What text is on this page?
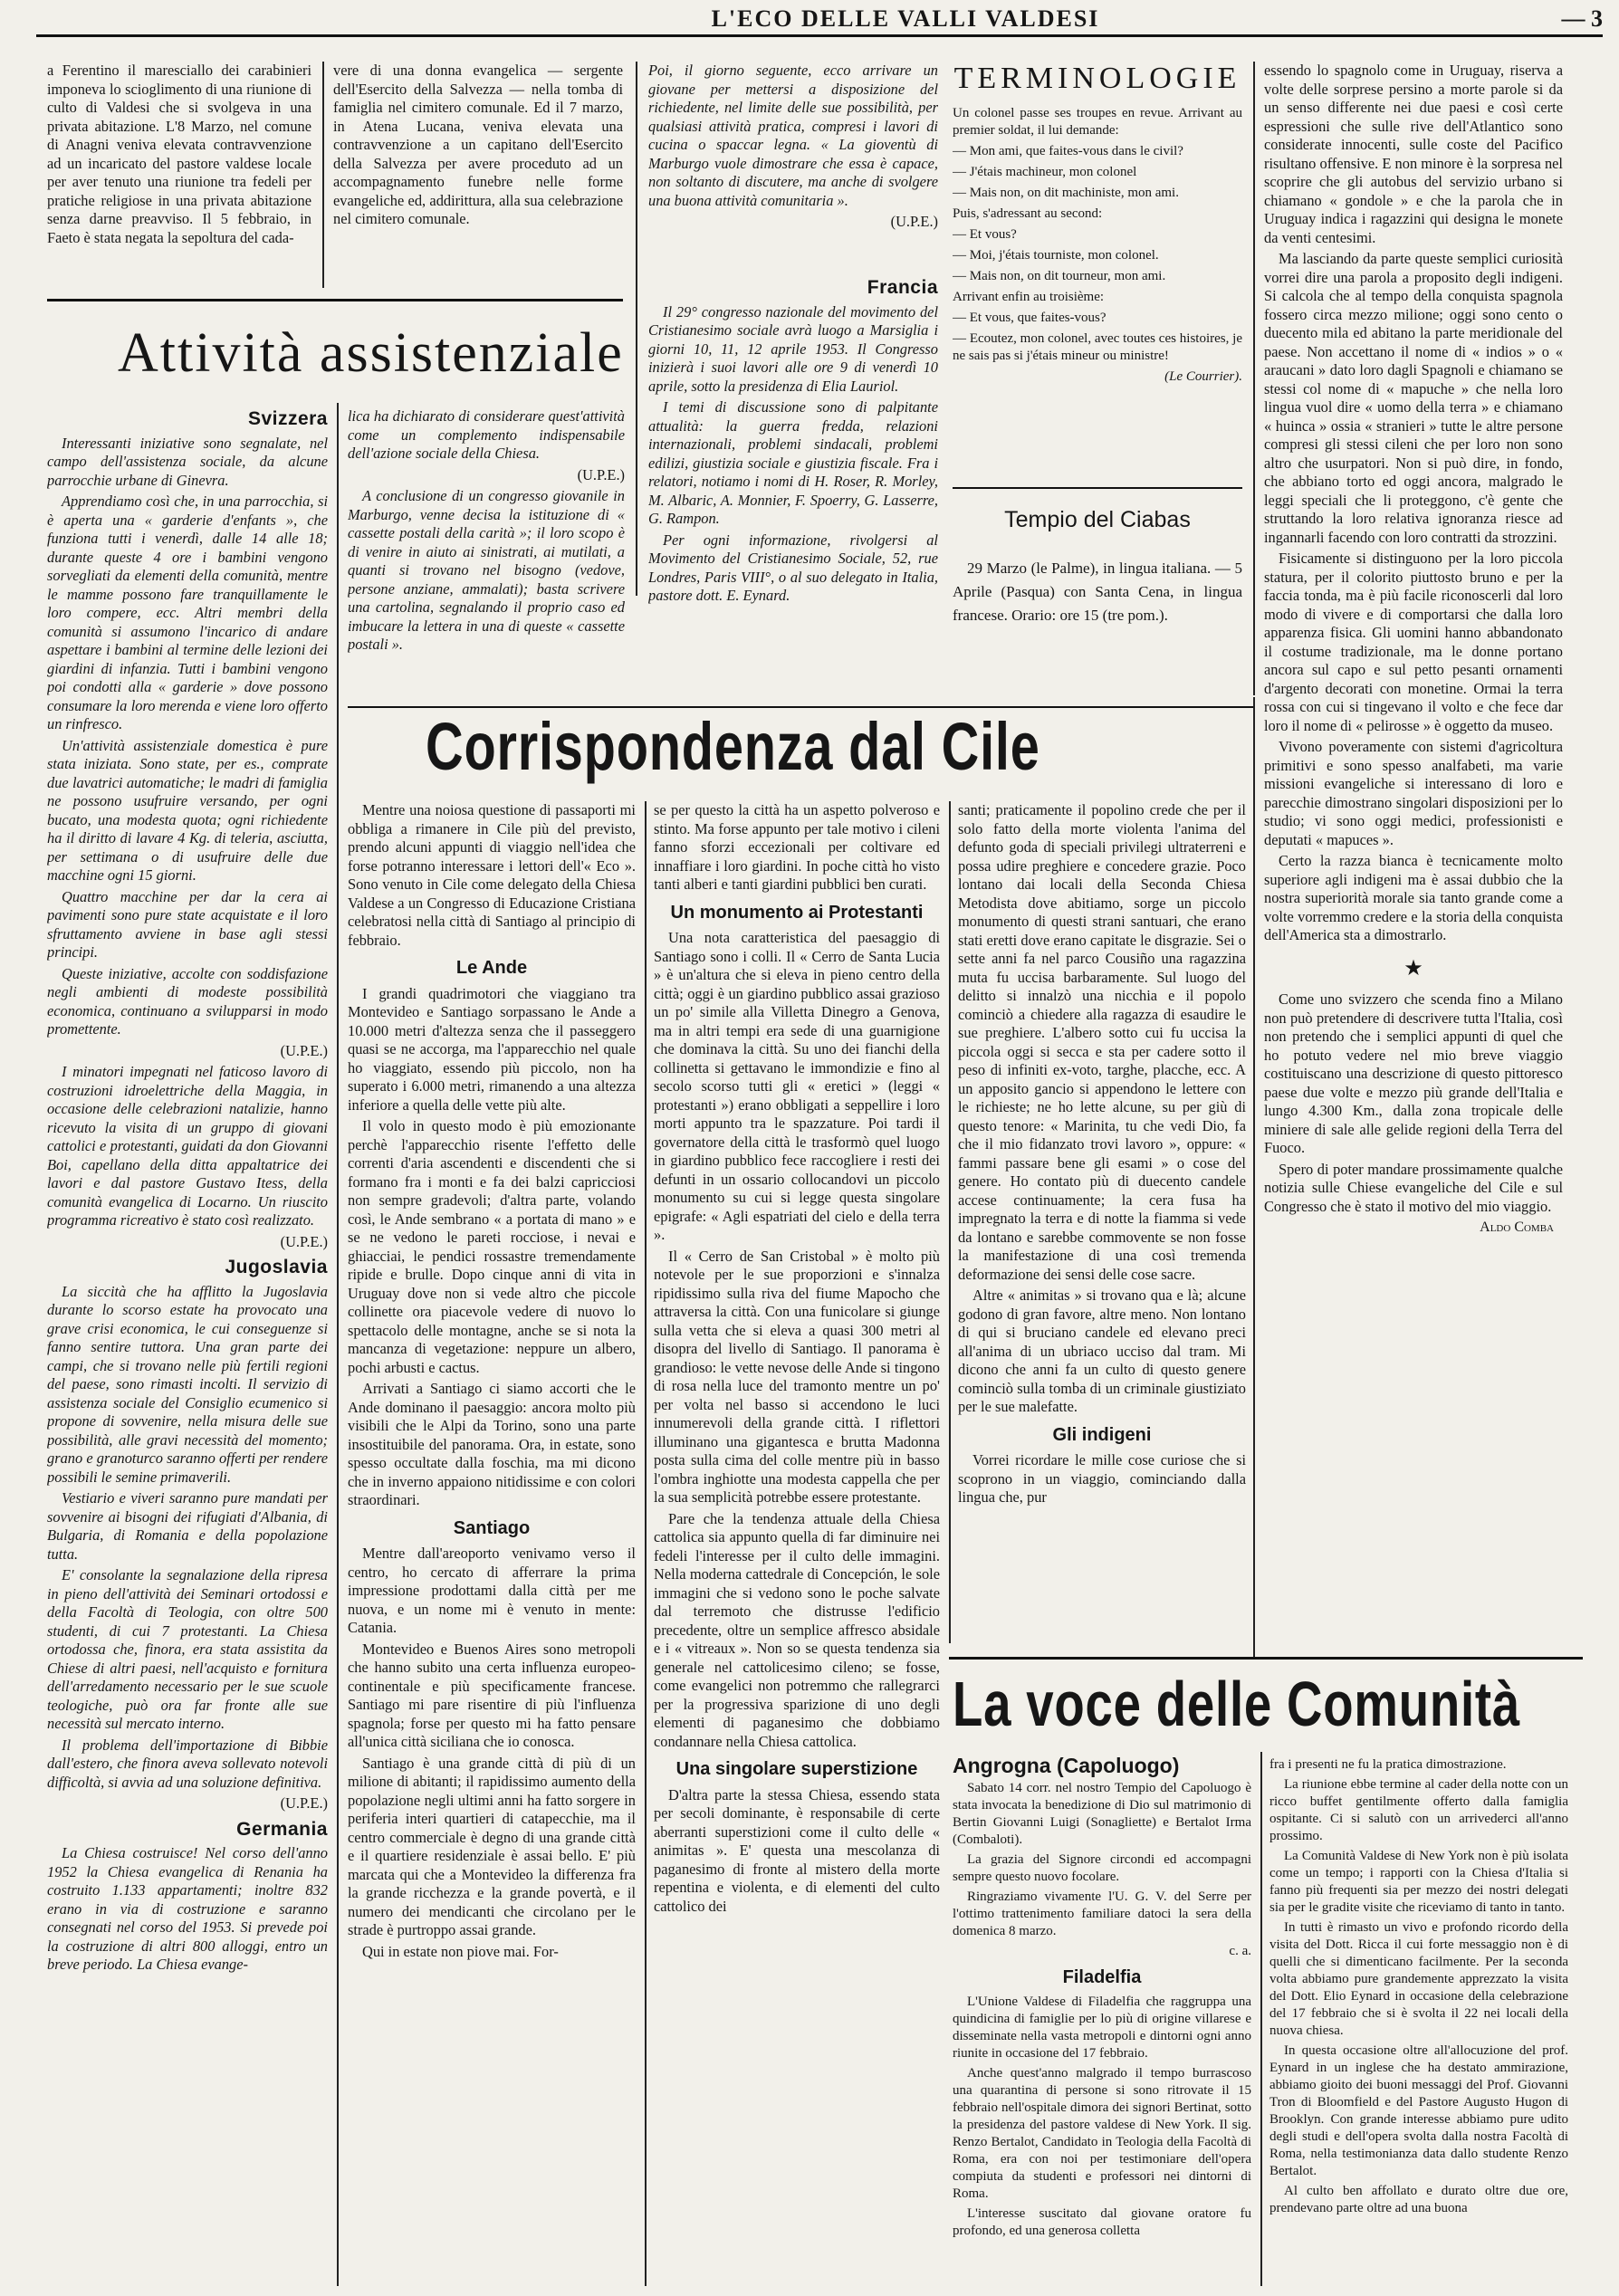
L'ECO DELLE VALLI VALDESI	— 3

a Ferentino il maresciallo dei carabinieri imponeva lo scioglimento di una riunione di culto di Valdesi che si svolgeva in una privata abitazione. L'8 Marzo, nel comune di Anagni veniva elevata contravvenzione ad un incaricato del pastore valdese locale per aver tenuto una riunione tra fedeli per pratiche religiose in una privata abitazione senza darne preavviso. Il 5 febbraio, in Faeto è stata negata la sepoltura del cada-

vere di una donna evangelica — sergente dell'Esercito della Salvezza — nella tomba di famiglia nel cimitero comunale. Ed il 7 marzo, in Atena Lucana, veniva elevata una contravvenzione a un capitano dell'Esercito della Salvezza per avere proceduto ad un accompagnamento funebre nelle forme evangeliche ed, addirittura, alla sua celebrazione nel cimitero comunale.

Poi, il giorno seguente, ecco arrivare un giovane per mettersi a disposizione del richiedente, nel limite delle sue possibilità, per qualsiasi attività pratica, compresi i lavori di cucina o spaccar legna. « La gioventù di Marburgo vuole dimostrare che essa è capace, non soltanto di discutere, ma anche di svolgere una buona attività comunitaria ».

(U.P.E.)

TERMINOLOGIE

Un colonel passe ses troupes en revue. Arrivant au premier soldat, il lui demande:

— Mon ami, que faites-vous dans le civil?

— J'étais machineur, mon colonel

— Mais non, on dit machiniste, mon ami.

Puis, s'adressant au second:

— Et vous?

— Moi, j'étais tourniste, mon colonel.

— Mais non, on dit tourneur, mon ami.

Arrivant enfin au troisième:

— Et vous, que faites-vous?

— Ecoutez, mon colonel, avec toutes ces histoires, je ne sais pas si j'étais mineur ou ministre!

(Le Courrier).

Tempio del Ciabas

29 Marzo (le Palme), in lingua italiana. — 5 Aprile (Pasqua) con Santa Cena, in lingua francese. Orario: ore 15 (tre pom.).

essendo lo spagnolo come in Uruguay, riserva a volte delle sorprese persino a morte parole si da un senso differente nei due paesi e così certe espressioni che sulle rive dell'Atlantico sono considerate innocenti, sulle coste del Pacifico risultano offensive. E non minore è la sorpresa nel scoprire che gli autobus del servizio urbano si chiamano « gondole » e che la parola che in Uruguay indica i ragazzini qui designa le monete da venti centesimi.

Ma lasciando da parte queste semplici curiosità vorrei dire una parola a proposito degli indigeni. Si calcola che al tempo della conquista spagnola fossero circa mezzo milione; oggi sono cento o duecento mila ed abitano la parte meridionale del paese. Non accettano il nome di « indios » o « araucani » dato loro dagli Spagnoli e chiamano se stessi col nome di « mapuche » che nella loro lingua vuol dire « uomo della terra » e chiamano « huinca » ossia « stranieri » tutte le altre persone compresi gli stessi cileni che per loro non sono altro che usurpatori. Non si può dire, in fondo, che abbiano torto ed oggi ancora, malgrado le leggi speciali che li proteggono, c'è gente che struttando la loro relativa ignoranza riesce ad ingannarli facendo con loro contratti da strozzini.

Fisicamente si distinguono per la loro piccola statura, per il colorito piuttosto bruno e per la faccia tonda, ma è più facile riconoscerli dal loro modo di vivere e di comportarsi che dalla loro apparenza fisica. Gli uomini hanno abbandonato il costume tradizionale, ma le donne portano ancora sul capo e sul petto pesanti ornamenti d'argento decorati con monetine. Ormai la terra rossa con cui si tingevano il volto e che fece dar loro il nome di « pelirosse » è oggetto da museo.

Vivono poveramente con sistemi d'agricoltura primitivi e sono spesso analfabeti, ma varie missioni evangeliche si interessano di loro e parecchie dimostrano singolari disposizioni per lo studio; vi sono oggi medici, professionisti e deputati « mapuces ».

Certo la razza bianca è tecnicamente molto superiore agli indigeni ma è assai dubbio che la nostra superiorità morale sia tanto grande come a volte vorremmo credere e la storia della conquista dell'America sta a dimostrarlo.

★

Come uno svizzero che scenda fino a Milano non può pretendere di descrivere tutta l'Italia, così non pretendo che i semplici appunti di quel che ho potuto vedere nel mio breve viaggio costituiscano una descrizione di questo pittoresco paese due volte e mezzo più grande dell'Italia e lungo 4.300 Km., dalla zona tropicale delle miniere di sale alle gelide regioni della Terra del Fuoco.

Spero di poter mandare prossimamente qualche notizia sulle Chiese evangeliche del Cile e sul Congresso che è stato il motivo del mio viaggio.

Aldo Comba
Francia

Il 29° congresso nazionale del movimento del Cristianesimo sociale avrà luogo a Marsiglia i giorni 10, 11, 12 aprile 1953. Il Congresso inizierà i suoi lavori alle ore 9 di venerdì 10 aprile, sotto la presidenza di Elia Lauriol.

I temi di discussione sono di palpitante attualità: la guerra fredda, relazioni internazionali, problemi sindacali, problemi edilizi, giustizia sociale e giustizia fiscale. Fra i relatori, notiamo i nomi di H. Roser, R. Morley, M. Albaric, A. Monnier, F. Spoerry, G. Lasserre, G. Rampon.

Per ogni informazione, rivolgersi al Movimento del Cristianesimo Sociale, 52, rue Londres, Paris VIII°, o al suo delegato in Italia, pastore dott. E. Eynard.

Attività assistenziale
Svizzera

Interessanti iniziative sono segnalate, nel campo dell'assistenza sociale, da alcune parrocchie urbane di Ginevra.

Apprendiamo così che, in una parrocchia, si è aperta una « garderie d'enfants », che funziona tutti i venerdì, dalle 14 alle 18; durante queste 4 ore i bambini vengono sorvegliati da elementi della comunità, mentre le mamme possono fare tranquillamente le loro compere, ecc. Altri membri della comunità si assumono l'incarico di andare aspettare i bambini al termine delle lezioni dei giardini di infanzia. Tutti i bambini vengono poi condotti alla « garderie » dove possono consumare la loro merenda e viene loro offerto un rinfresco.

Un'attività assistenziale domestica è pure stata iniziata. Sono state, per es., comprate due lavatrici automatiche; le madri di famiglia ne possono usufruire versando, per ogni bucato, una modesta quota; ogni richiedente ha il diritto di lavare 4 Kg. di teleria, asciutta, per settimana o di usufruire delle due macchine ogni 15 giorni.

Quattro macchine per dar la cera ai pavimenti sono pure state acquistate e il loro sfruttamento avviene in base agli stessi principi.

Queste iniziative, accolte con soddisfazione negli ambienti di modeste possibilità economica, continuano a svilupparsi in modo promettente.

(U.P.E.)

I minatori impegnati nel faticoso lavoro di costruzioni idroelettriche della Maggia, in occasione delle celebrazioni natalizie, hanno ricevuto la visita di un gruppo di giovani cattolici e protestanti, guidati da don Giovanni Boi, capellano della ditta appaltatrice dei lavori e dal pastore Gustavo Itess, della comunità evangelica di Locarno. Un riuscito programma ricreativo è stato così realizzato.

(U.P.E.)

Jugoslavia

La siccità che ha afflitto la Jugoslavia durante lo scorso estate ha provocato una grave crisi economica, le cui conseguenze si fanno sentire tuttora. Una gran parte dei campi, che si trovano nelle più fertili regioni del paese, sono rimasti incolti. Il servizio di assistenza sociale del Consiglio ecumenico si propone di sovvenire, nella misura delle sue possibilità, alle gravi necessità del momento; grano e granoturco saranno offerti per rendere possibili le semine primaverili.

Vestiario e viveri saranno pure mandati per sovvenire ai bisogni dei rifugiati d'Albania, di Bulgaria, di Romania e della popolazione tutta.

E' consolante la segnalazione della ripresa in pieno dell'attività dei Seminari ortodossi e della Facoltà di Teologia, con oltre 500 studenti, di cui 7 protestanti. La Chiesa ortodossa che, finora, era stata assistita da Chiese di altri paesi, nell'acquisto e fornitura dell'arredamento necessario per le sue scuole teologiche, può ora far fronte alle sue necessità sul mercato interno.

Il problema dell'importazione di Bibbie dall'estero, che finora aveva sollevato notevoli difficoltà, si avvia ad una soluzione definitiva.

(U.P.E.)

Germania

La Chiesa costruisce! Nel corso dell'anno 1952 la Chiesa evangelica di Renania ha costruito 1.133 appartamenti; inoltre 832 erano in via di costruzione e saranno consegnati nel corso del 1953. Si prevede poi la costruzione di altri 800 alloggi, entro un breve periodo. La Chiesa evange-

lica ha dichiarato di considerare quest'attività come un complemento indispensabile dell'azione sociale della Chiesa.

(U.P.E.)

A conclusione di un congresso giovanile in Marburgo, venne decisa la istituzione di « cassette postali della carità »; il loro scopo è di venire in aiuto ai sinistrati, ai mutilati, a quanti si trovano nel bisogno (vedove, persone anziane, ammalati); basta scrivere una cartolina, segnalando il proprio caso ed imbucare la lettera in una di queste « cassette postali ».

Corrispondenza dal Cile

Mentre una noiosa questione di passaporti mi obbliga a rimanere in Cile più del previsto, prendo alcuni appunti di viaggio nell'idea che forse potranno interessare i lettori dell'« Eco ». Sono venuto in Cile come delegato della Chiesa Valdese a un Congresso di Educazione Cristiana celebratosi nella città di Santiago al principio di febbraio.

Le Ande

I grandi quadrimotori che viaggiano tra Montevideo e Santiago sorpassano le Ande a 10.000 metri d'altezza senza che il passeggero quasi se ne accorga, ma l'apparecchio nel quale ho viaggiato, essendo più piccolo, non ha superato i 6.000 metri, rimanendo a una altezza inferiore a quella delle vette più alte.

Il volo in questo modo è più emozionante perchè l'apparecchio risente l'effetto delle correnti d'aria ascendenti e discendenti che si formano fra i monti e fa dei balzi capricciosi non sempre gradevoli; d'altra parte, volando così, le Ande sembrano « a portata di mano » e se ne vedono le pareti rocciose, i nevai e ghiacciai, le pendici rossastre tremendamente ripide e brulle. Dopo cinque anni di vita in Uruguay dove non si vede altro che piccole collinette ora piacevole vedere di nuovo lo spettacolo delle montagne, anche se si nota la mancanza di vegetazione: neppure un albero, pochi arbusti e cactus.

Arrivati a Santiago ci siamo accorti che le Ande dominano il paesaggio: ancora molto più visibili che le Alpi da Torino, sono una parte insostituibile del panorama. Ora, in estate, sono spesso occultate dalla foschia, ma mi dicono che in inverno appaiono nitidissime e con colori straordinari.

Santiago

Mentre dall'areoporto venivamo verso il centro, ho cercato di afferrare la prima impressione prodottami dalla città per me nuova, e un nome mi è venuto in mente: Catania.

Montevideo e Buenos Aires sono metropoli che hanno subito una certa influenza europeo-continentale e più specificamente francese. Santiago mi pare risentire di più l'influenza spagnola; forse per questo mi ha fatto pensare all'unica città siciliana che io conosca.

Santiago è una grande città di più di un milione di abitanti; il rapidissimo aumento della popolazione negli ultimi anni ha fatto sorgere in periferia interi quartieri di catapecchie, ma il centro commerciale è degno di una grande città e il quartiere residenziale è assai bello. E' più marcata qui che a Montevideo la differenza fra la grande ricchezza e la grande povertà, e il numero dei mendicanti che circolano per le strade è purtroppo assai grande.

Qui in estate non piove mai. For-

se per questo la città ha un aspetto polveroso e stinto. Ma forse appunto per tale motivo i cileni fanno sforzi eccezionali per coltivare ed innaffiare i loro giardini. In poche città ho visto tanti alberi e tanti giardini pubblici ben curati.

Un monumento ai Protestanti

Una nota caratteristica del paesaggio di Santiago sono i colli. Il « Cerro de Santa Lucia » è un'altura che si eleva in pieno centro della città; oggi è un giardino pubblico assai grazioso un po' simile alla Villetta Dinegro a Genova, ma in altri tempi era sede di una guarnigione che dominava la città. Su uno dei fianchi della collinetta si gettavano le immondizie e fino al secolo scorso tutti gli « eretici » (leggi « protestanti ») erano obbligati a seppellire i loro morti appunto tra le spazzature. Poi tardi il governatore della città le trasformò quel luogo in giardino pubblico fece raccogliere i resti dei defunti in un ossario collocandovi un piccolo monumento su cui si legge questa singolare epigrafe: « Agli espatriati del cielo e della terra ».

Il « Cerro de San Cristobal » è molto più notevole per le sue proporzioni e s'innalza ripidissimo sulla riva del fiume Mapocho che attraversa la città. Con una funicolare si giunge sulla vetta che si eleva a quasi 300 metri al disopra del livello di Santiago. Il panorama è grandioso: le vette nevose delle Ande si tingono di rosa nella luce del tramonto mentre un po' per volta nel basso si accendono le luci innumerevoli della grande città. I riflettori illuminano una gigantesca e brutta Madonna posta sulla cima del colle mentre più in basso l'ombra inghiotte una modesta cappella che per la sua semplicità potrebbe essere protestante.

Pare che la tendenza attuale della Chiesa cattolica sia appunto quella di far diminuire nei fedeli l'interesse per il culto delle immagini. Nella moderna cattedrale di Concepción, le sole immagini che si vedono sono le poche salvate dal terremoto che distrusse l'edificio precedente, oltre un semplice affresco absidale e i « vitreaux ». Non so se questa tendenza sia generale nel cattolicesimo cileno; se fosse, come evangelici non potremmo che rallegrarci per la progressiva sparizione di uno degli elementi di paganesimo che dobbiamo condannare nella Chiesa cattolica.

Una singolare superstizione

D'altra parte la stessa Chiesa, essendo stata per secoli dominante, è responsabile di certe aberranti superstizioni come il culto delle « animitas ». E' questa una mescolanza di paganesimo di fronte al mistero della morte repentina e violenta, e di elementi del culto cattolico dei

santi; praticamente il popolino crede che per il solo fatto della morte violenta l'anima del defunto goda di speciali privilegi ultraterreni e possa udire preghiere e concedere grazie. Poco lontano dai locali della Seconda Chiesa Metodista dove abitiamo, sorge un piccolo monumento di questi strani santuari, che erano stati eretti dove erano capitate le disgrazie. Sei o sette anni fa nel parco Cousiño una ragazzina muta fu uccisa barbaramente. Sul luogo del delitto si innalzò una nicchia e il popolo cominciò a chiedere alla ragazza di esaudire le sue preghiere. L'albero sotto cui fu uccisa la piccola oggi si secca e sta per cadere sotto il peso di infiniti ex-voto, targhe, placche, ecc. A un apposito gancio si appendono le lettere con le richieste; ne ho lette alcune, su per giù di questo tenore: « Marinita, tu che vedi Dio, fa che il mio fidanzato trovi lavoro », oppure: « fammi passare bene gli esami » o cose del genere. Ho contato più di duecento candele accese continuamente; la cera fusa ha impregnato la terra e di notte la fiamma si vede da lontano e sarebbe commovente se non fosse la manifestazione di una così tremenda deformazione dei sensi delle cose sacre.

Altre « animitas » si trovano qua e là; alcune godono di gran favore, altre meno. Non lontano di qui si bruciano candele ed elevano preci all'anima di un ubriaco ucciso dal tram. Mi dicono che anni fa un culto di questo genere cominciò sulla tomba di un criminale giustiziato per le sue malefatte.

Gli indigeni

Vorrei ricordare le mille cose curiose che si scoprono in un viaggio, cominciando dalla lingua che, pur

La voce delle Comunità
Angrogna (Capoluogo)

Sabato 14 corr. nel nostro Tempio del Capoluogo è stata invocata la benedizione di Dio sul matrimonio di Bertin Giovanni Luigi (Sonagliette) e Bertalot Irma (Combaloti).

La grazia del Signore circondi ed accompagni sempre questo nuovo focolare.

Ringraziamo vivamente l'U. G. V. del Serre per l'ottimo trattenimento familiare datoci la sera della domenica 8 marzo.

c. a.

Filadelfia

L'Unione Valdese di Filadelfia che raggruppa una quindicina di famiglie per lo più di origine villarese e disseminate nella vasta metropoli e dintorni ogni anno riunite in occasione del 17 febbraio.

Anche quest'anno malgrado il tempo burrascoso una quarantina di persone si sono ritrovate il 15 febbraio nell'ospitale dimora dei signori Bertinat, sotto la presidenza del pastore valdese di New York. Il sig. Renzo Bertalot, Candidato in Teologia della Facoltà di Roma, era con noi per testimoniare dell'opera compiuta da studenti e professori nei dintorni di Roma.

L'interesse suscitato dal giovane oratore fu profondo, ed una generosa colletta

fra i presenti ne fu la pratica dimostrazione.

La riunione ebbe termine al cader della notte con un ricco buffet gentilmente offerto dalla famiglia ospitante. Ci si salutò con un arrivederci all'anno prossimo.

La Comunità Valdese di New York non è più isolata come un tempo; i rapporti con la Chiesa d'Italia si fanno più frequenti sia per mezzo dei nostri delegati sia per le gradite visite che riceviamo di tanto in tanto.

In tutti è rimasto un vivo e profondo ricordo della visita del Dott. Ricca il cui forte messaggio non è di quelli che si dimenticano facilmente. Per la seconda volta abbiamo pure grandemente apprezzato la visita del Dott. Elio Eynard in occasione della celebrazione del 17 febbraio che si è svolta il 22 nei locali della nuova chiesa.

In questa occasione oltre all'allocuzione del prof. Eynard in un inglese che ha destato ammirazione, abbiamo gioito dei buoni messaggi del Prof. Giovanni Tron di Bloomfield e del Pastore Augusto Hugon di Brooklyn. Con grande interesse abbiamo pure udito degli studi e dell'opera svolta dalla nostra Facoltà di Roma, nella testimonianza data dallo studente Renzo Bertalot.

Al culto ben affollato e durato oltre due ore, prendevano parte oltre ad una buona
